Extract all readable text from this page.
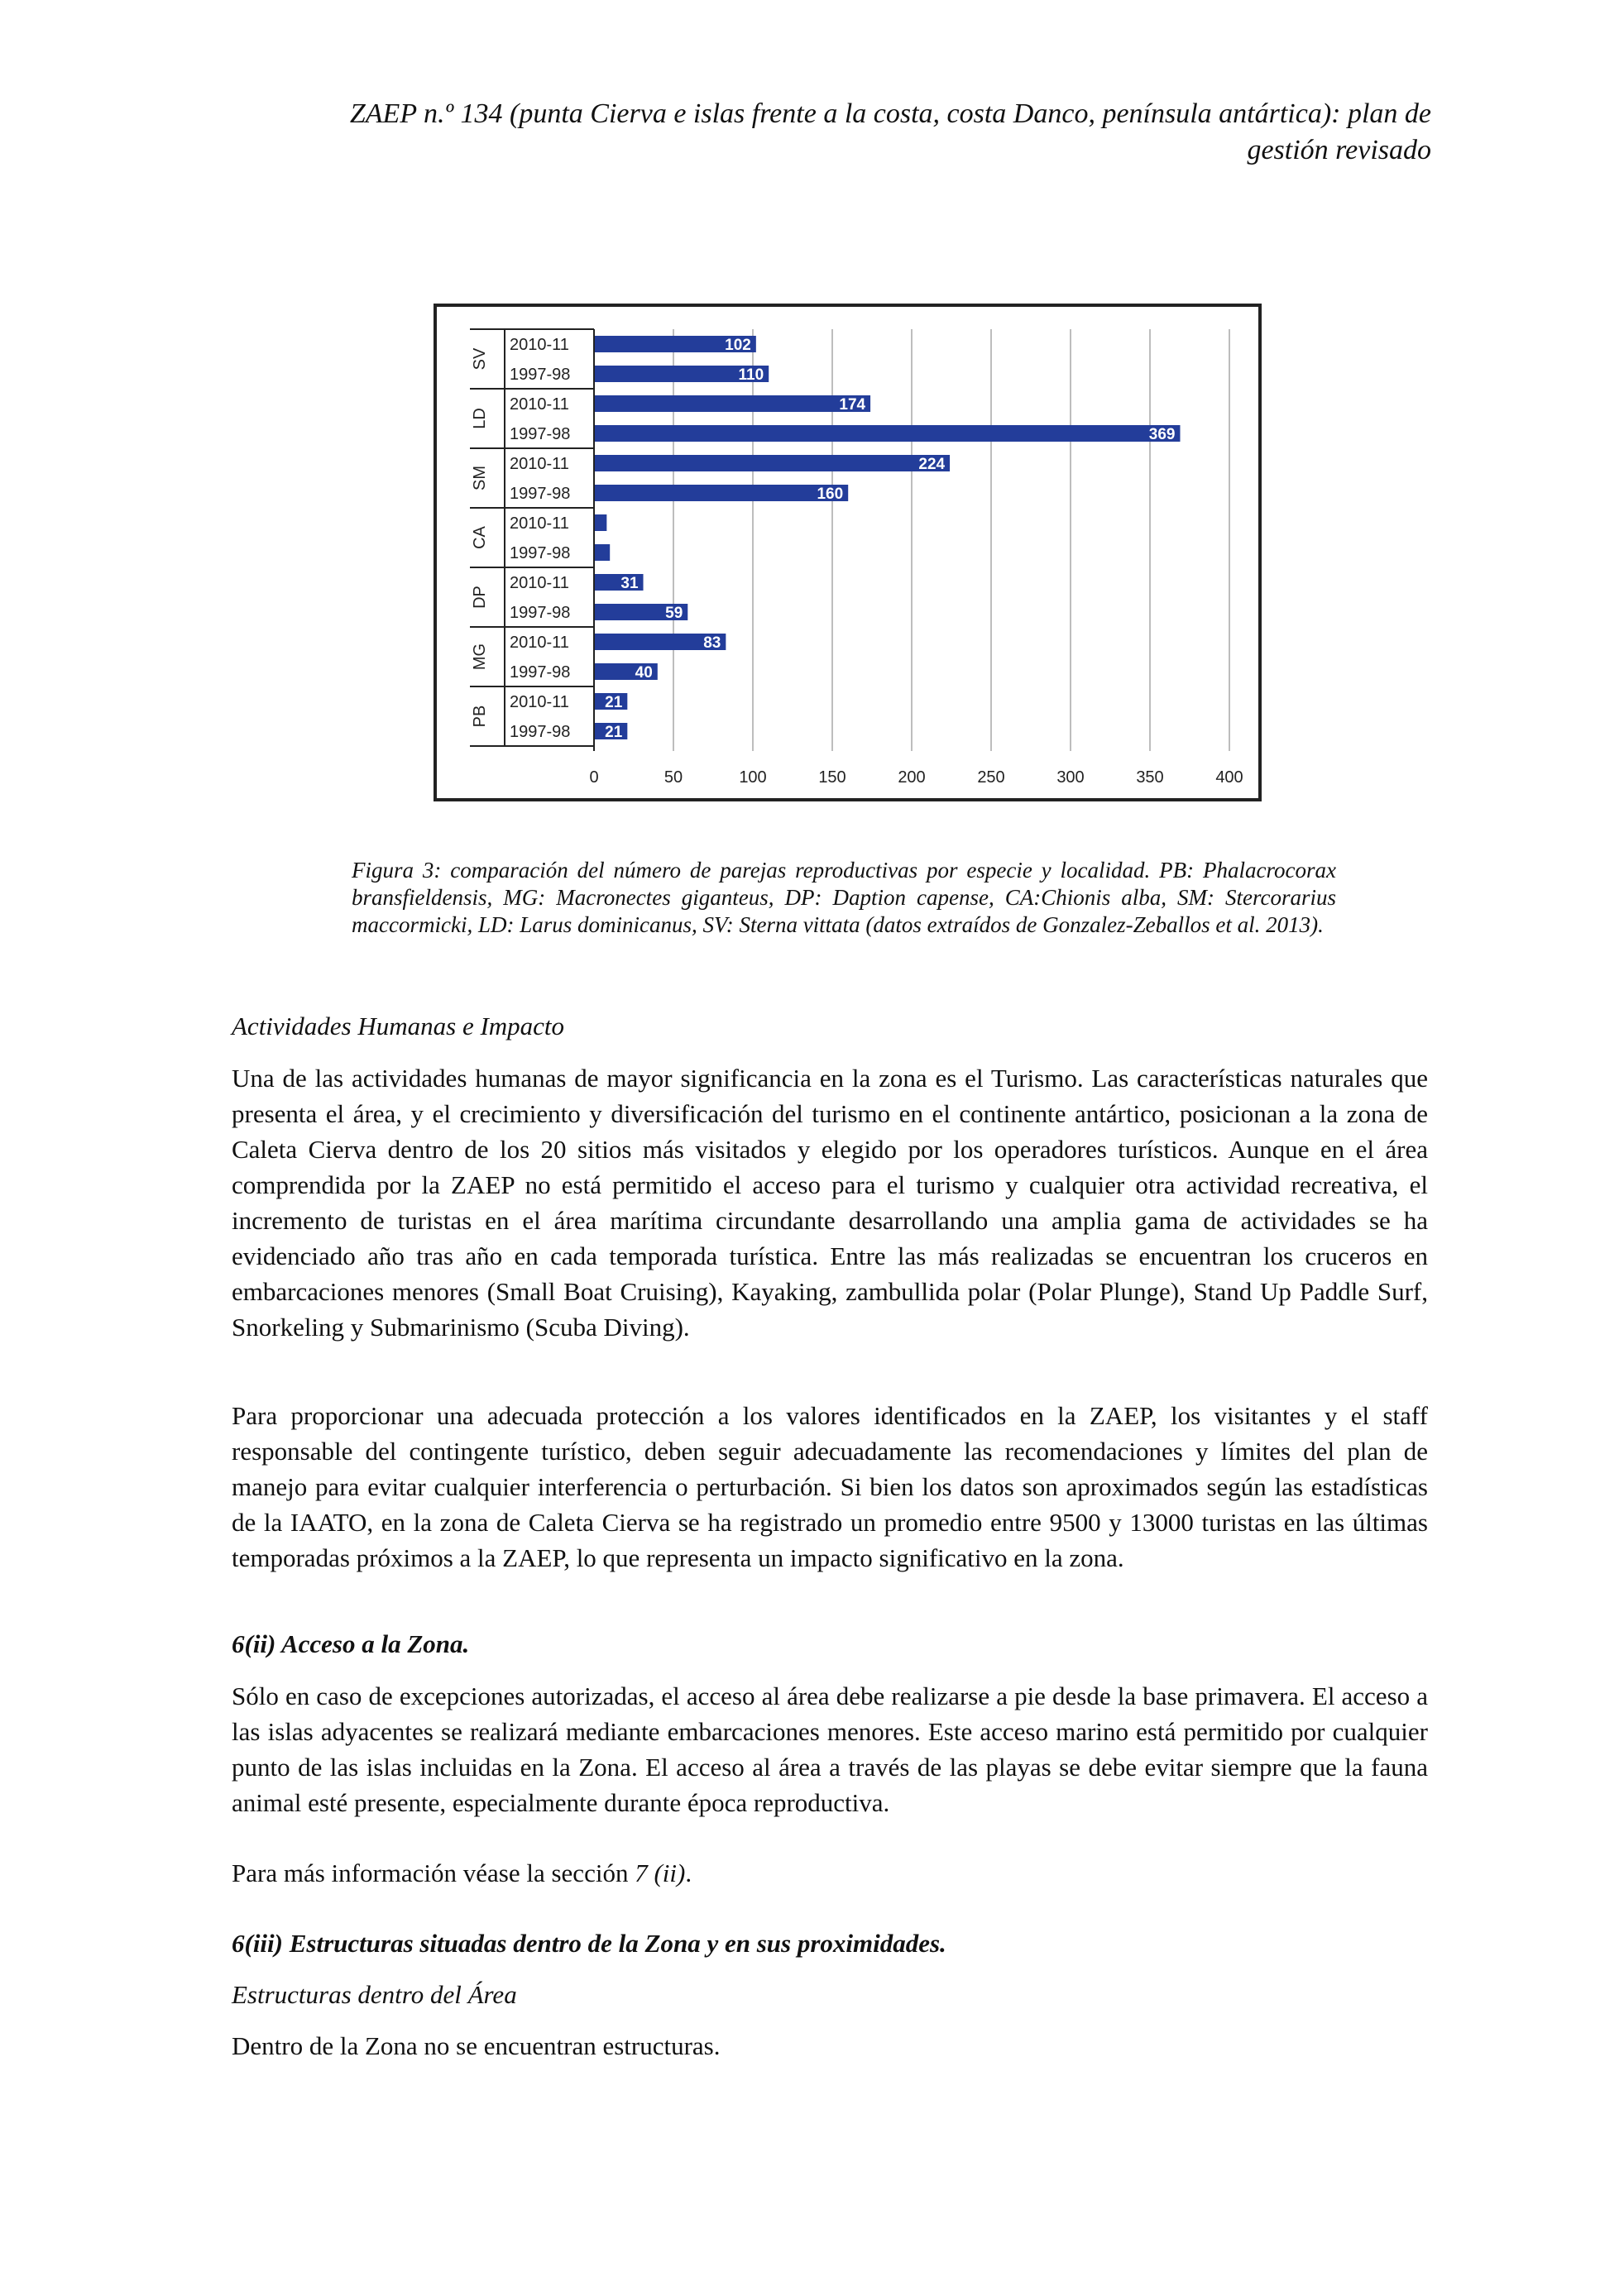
ZAEP n.º 134 (punta Cierva e islas frente a la costa, costa Danco, península antártica): plan de
gestión revisado
0	50	100	150	200	250	300	350	400
SV
2010-11	102
1997-98	110
LD
2010-11	174
1997-98	369
SM
2010-11	224
1997-98	160
CA
2010-11
1997-98
DP
2010-11	31
1997-98	59
MG
2010-11	83
1997-98	40
PB
2010-11 21
1997-98 21
Figura 3: comparación del número de parejas reproductivas por especie y localidad. PB: Phalacrocorax bransfieldensis, MG: Macronectes giganteus, DP: Daption capense, CA:Chionis alba, SM: Stercorarius maccormicki, LD: Larus dominicanus, SV: Sterna vittata (datos extraídos de Gonzalez-Zeballos et al. 2013).
Actividades Humanas e Impacto
Una de las actividades humanas de mayor significancia en la zona es el Turismo. Las características naturales que presenta el área, y el crecimiento y diversificación del turismo en el continente antártico, posicionan a la zona de Caleta Cierva dentro de los 20 sitios más visitados y elegido por los operadores turísticos. Aunque en el área comprendida por la ZAEP no está permitido el acceso para el turismo y cualquier otra actividad recreativa, el incremento de turistas en el área marítima circundante desarrollando una amplia gama de actividades se ha evidenciado año tras año en cada temporada turística. Entre las más realizadas se encuentran los cruceros en embarcaciones menores (Small Boat Cruising), Kayaking, zambullida polar (Polar Plunge), Stand Up Paddle Surf, Snorkeling y Submarinismo (Scuba Diving).
Para proporcionar una adecuada protección a los valores identificados en la ZAEP, los visitantes y el staff responsable del contingente turístico, deben seguir adecuadamente las recomendaciones y límites del plan de manejo para evitar cualquier interferencia o perturbación. Si bien los datos son aproximados según las estadísticas de la IAATO, en la zona de Caleta Cierva se ha registrado un promedio entre 9500 y 13000 turistas en las últimas temporadas próximos a la ZAEP, lo que representa un impacto significativo en la zona.
6(ii) Acceso a la Zona.
Sólo en caso de excepciones autorizadas, el acceso al área debe realizarse a pie desde la base primavera. El acceso a las islas adyacentes se realizará mediante embarcaciones menores. Este acceso marino está permitido por cualquier punto de las islas incluidas en la Zona. El acceso al área a través de las playas se debe evitar siempre que la fauna animal esté presente, especialmente durante época reproductiva.
Para más información véase la sección 7 (ii).
6(iii) Estructuras situadas dentro de la Zona y en sus proximidades.
Estructuras dentro del Área
Dentro de la Zona no se encuentran estructuras.
